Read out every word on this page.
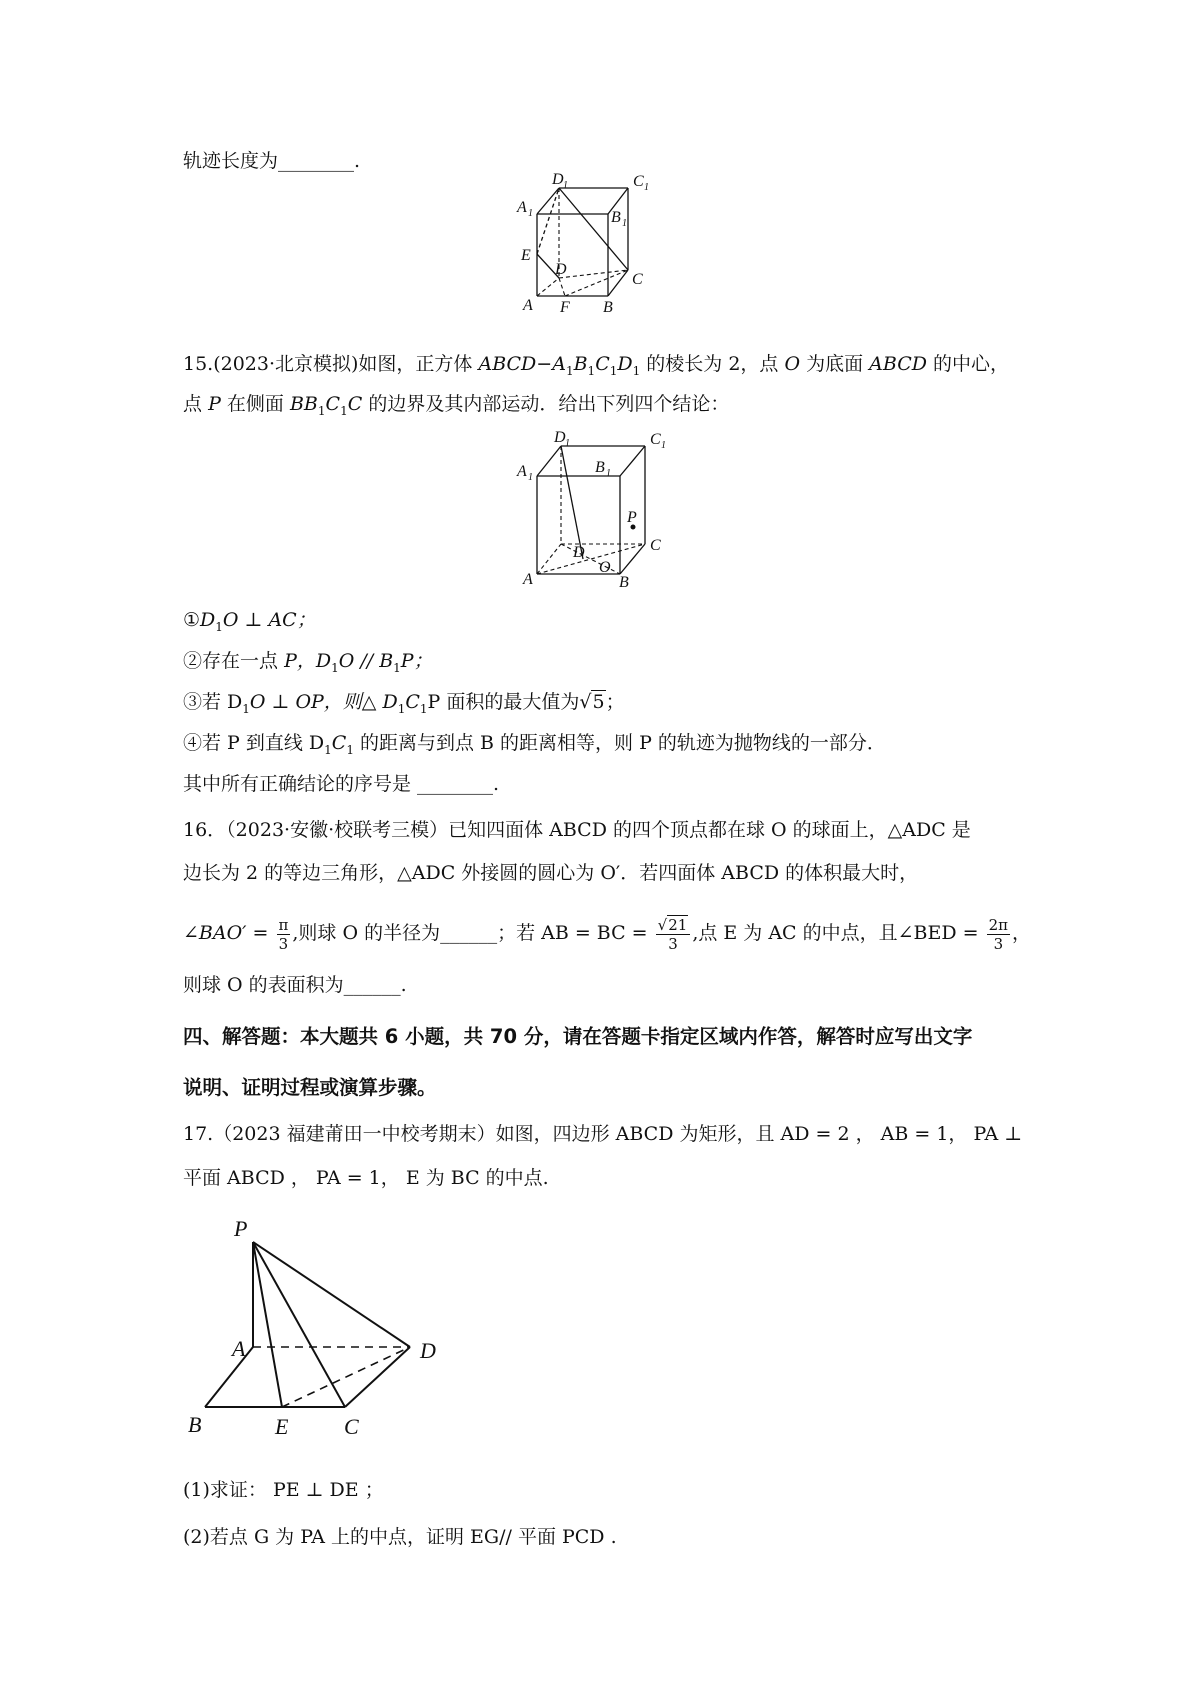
轨迹长度为________.
D 1	C 1
A 1	B 1
E
D
C
A F B
15.(2023·北京模拟)如图，正方体 $ABCD-A_1B_1C_1D_1$ 的棱长为 2，点 O 为底面 ABCD 的中心，
点 P 在侧面 $BB_1C_1C$ 的边界及其内部运动．给出下列四个结论：
D 1	C 1
A 1
B 1
P
C
D
O
A	B
$①D_1O$ ⊥ AC；
②存在一点 P，$D_1O // B_1P$；
③若 $D_1O$ ⊥ OP，则△ $D_1C_1P$ 面积的最大值为√5；
④若 P 到直线 $D_1C_1$ 的距离与到点 B 的距离相等，则 P 的轨迹为抛物线的一部分．
其中所有正确结论的序号是 ________.
16．（2023·安徽·校联考三模）已知四面体 ABCD 的四个顶点都在球 O 的球面上，△ADC 是
边长为 2 的等边三角形，△ADC 外接圆的圆心为 O′．若四面体 ABCD 的体积最大时，
∠BAO′ = $\frac{\pi}{3}$ ,则球 O 的半径为______；若 AB = BC = $\frac{√21}{3}$ ,点 E 为 AC 的中点，且∠BED = $\frac{2\pi}{3}$ ，
则球 O 的表面积为______.
四、解答题：本大题共 6 小题，共 70 分，请在答题卡指定区域内作答，解答时应写出文字
说明、证明过程或演算步骤。
17.（2023 福建莆田一中校考期末）如图，四边形 ABCD 为矩形，且 AD = 2 ， AB = 1， PA ⊥
平面 ABCD ， PA = 1， E 为 BC 的中点.
P
A	D
B	E	C
(1)求证： PE ⊥ DE ；
(2)若点 G 为 PA 上的中点，证明 EG// 平面 PCD .
